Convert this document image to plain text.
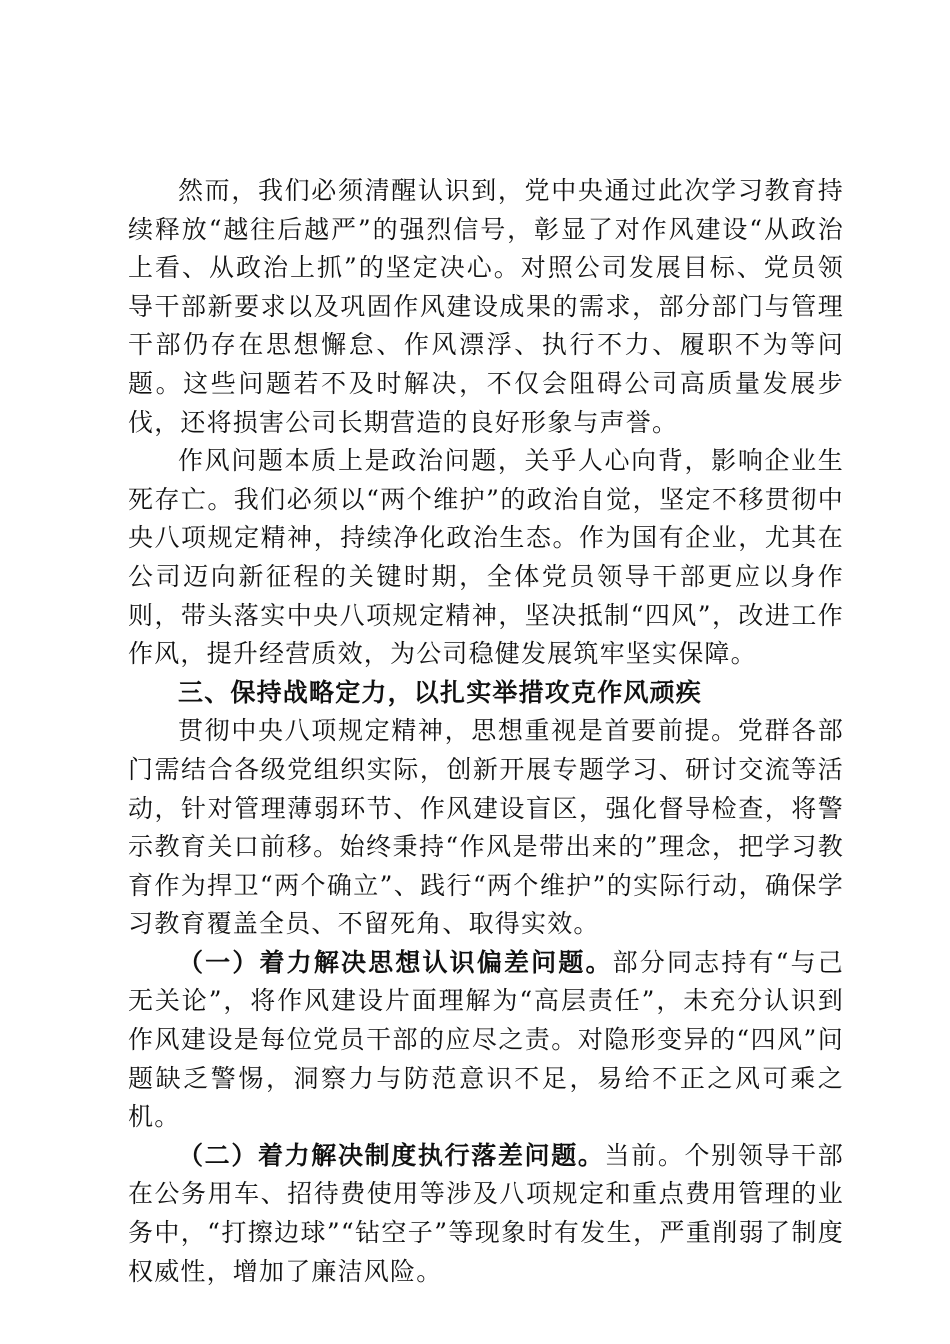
然而，我们必须清醒认识到，党中央通过此次学习教育持续释放“越往后越严”的强烈信号，彰显了对作风建设“从政治上看、从政治上抓”的坚定决心。对照公司发展目标、党员领导干部新要求以及巩固作风建设成果的需求，部分部门与管理干部仍存在思想懈怠、作风漂浮、执行不力、履职不为等问题。这些问题若不及时解决，不仅会阻碍公司高质量发展步伐，还将损害公司长期营造的良好形象与声誉。

作风问题本质上是政治问题，关乎人心向背，影响企业生死存亡。我们必须以“两个维护”的政治自觉，坚定不移贯彻中央八项规定精神，持续净化政治生态。作为国有企业，尤其在公司迈向新征程的关键时期，全体党员领导干部更应以身作则，带头落实中央八项规定精神，坚决抵制“四风”，改进工作作风，提升经营质效，为公司稳健发展筑牢坚实保障。

三、保持战略定力，以扎实举措攻克作风顽疾

贯彻中央八项规定精神，思想重视是首要前提。党群各部门需结合各级党组织实际，创新开展专题学习、研讨交流等活动，针对管理薄弱环节、作风建设盲区，强化督导检查，将警示教育关口前移。始终秉持“作风是带出来的”理念，把学习教育作为捍卫“两个确立”、践行“两个维护”的实际行动，确保学习教育覆盖全员、不留死角、取得实效。

（一）着力解决思想认识偏差问题。部分同志持有“与己无关论”，将作风建设片面理解为“高层责任”，未充分认识到作风建设是每位党员干部的应尽之责。对隐形变异的“四风”问题缺乏警惕，洞察力与防范意识不足，易给不正之风可乘之机。

（二）着力解决制度执行落差问题。当前。个别领导干部在公务用车、招待费使用等涉及八项规定和重点费用管理的业务中，“打擦边球”“钻空子”等现象时有发生，严重削弱了制度权威性，增加了廉洁风险。
